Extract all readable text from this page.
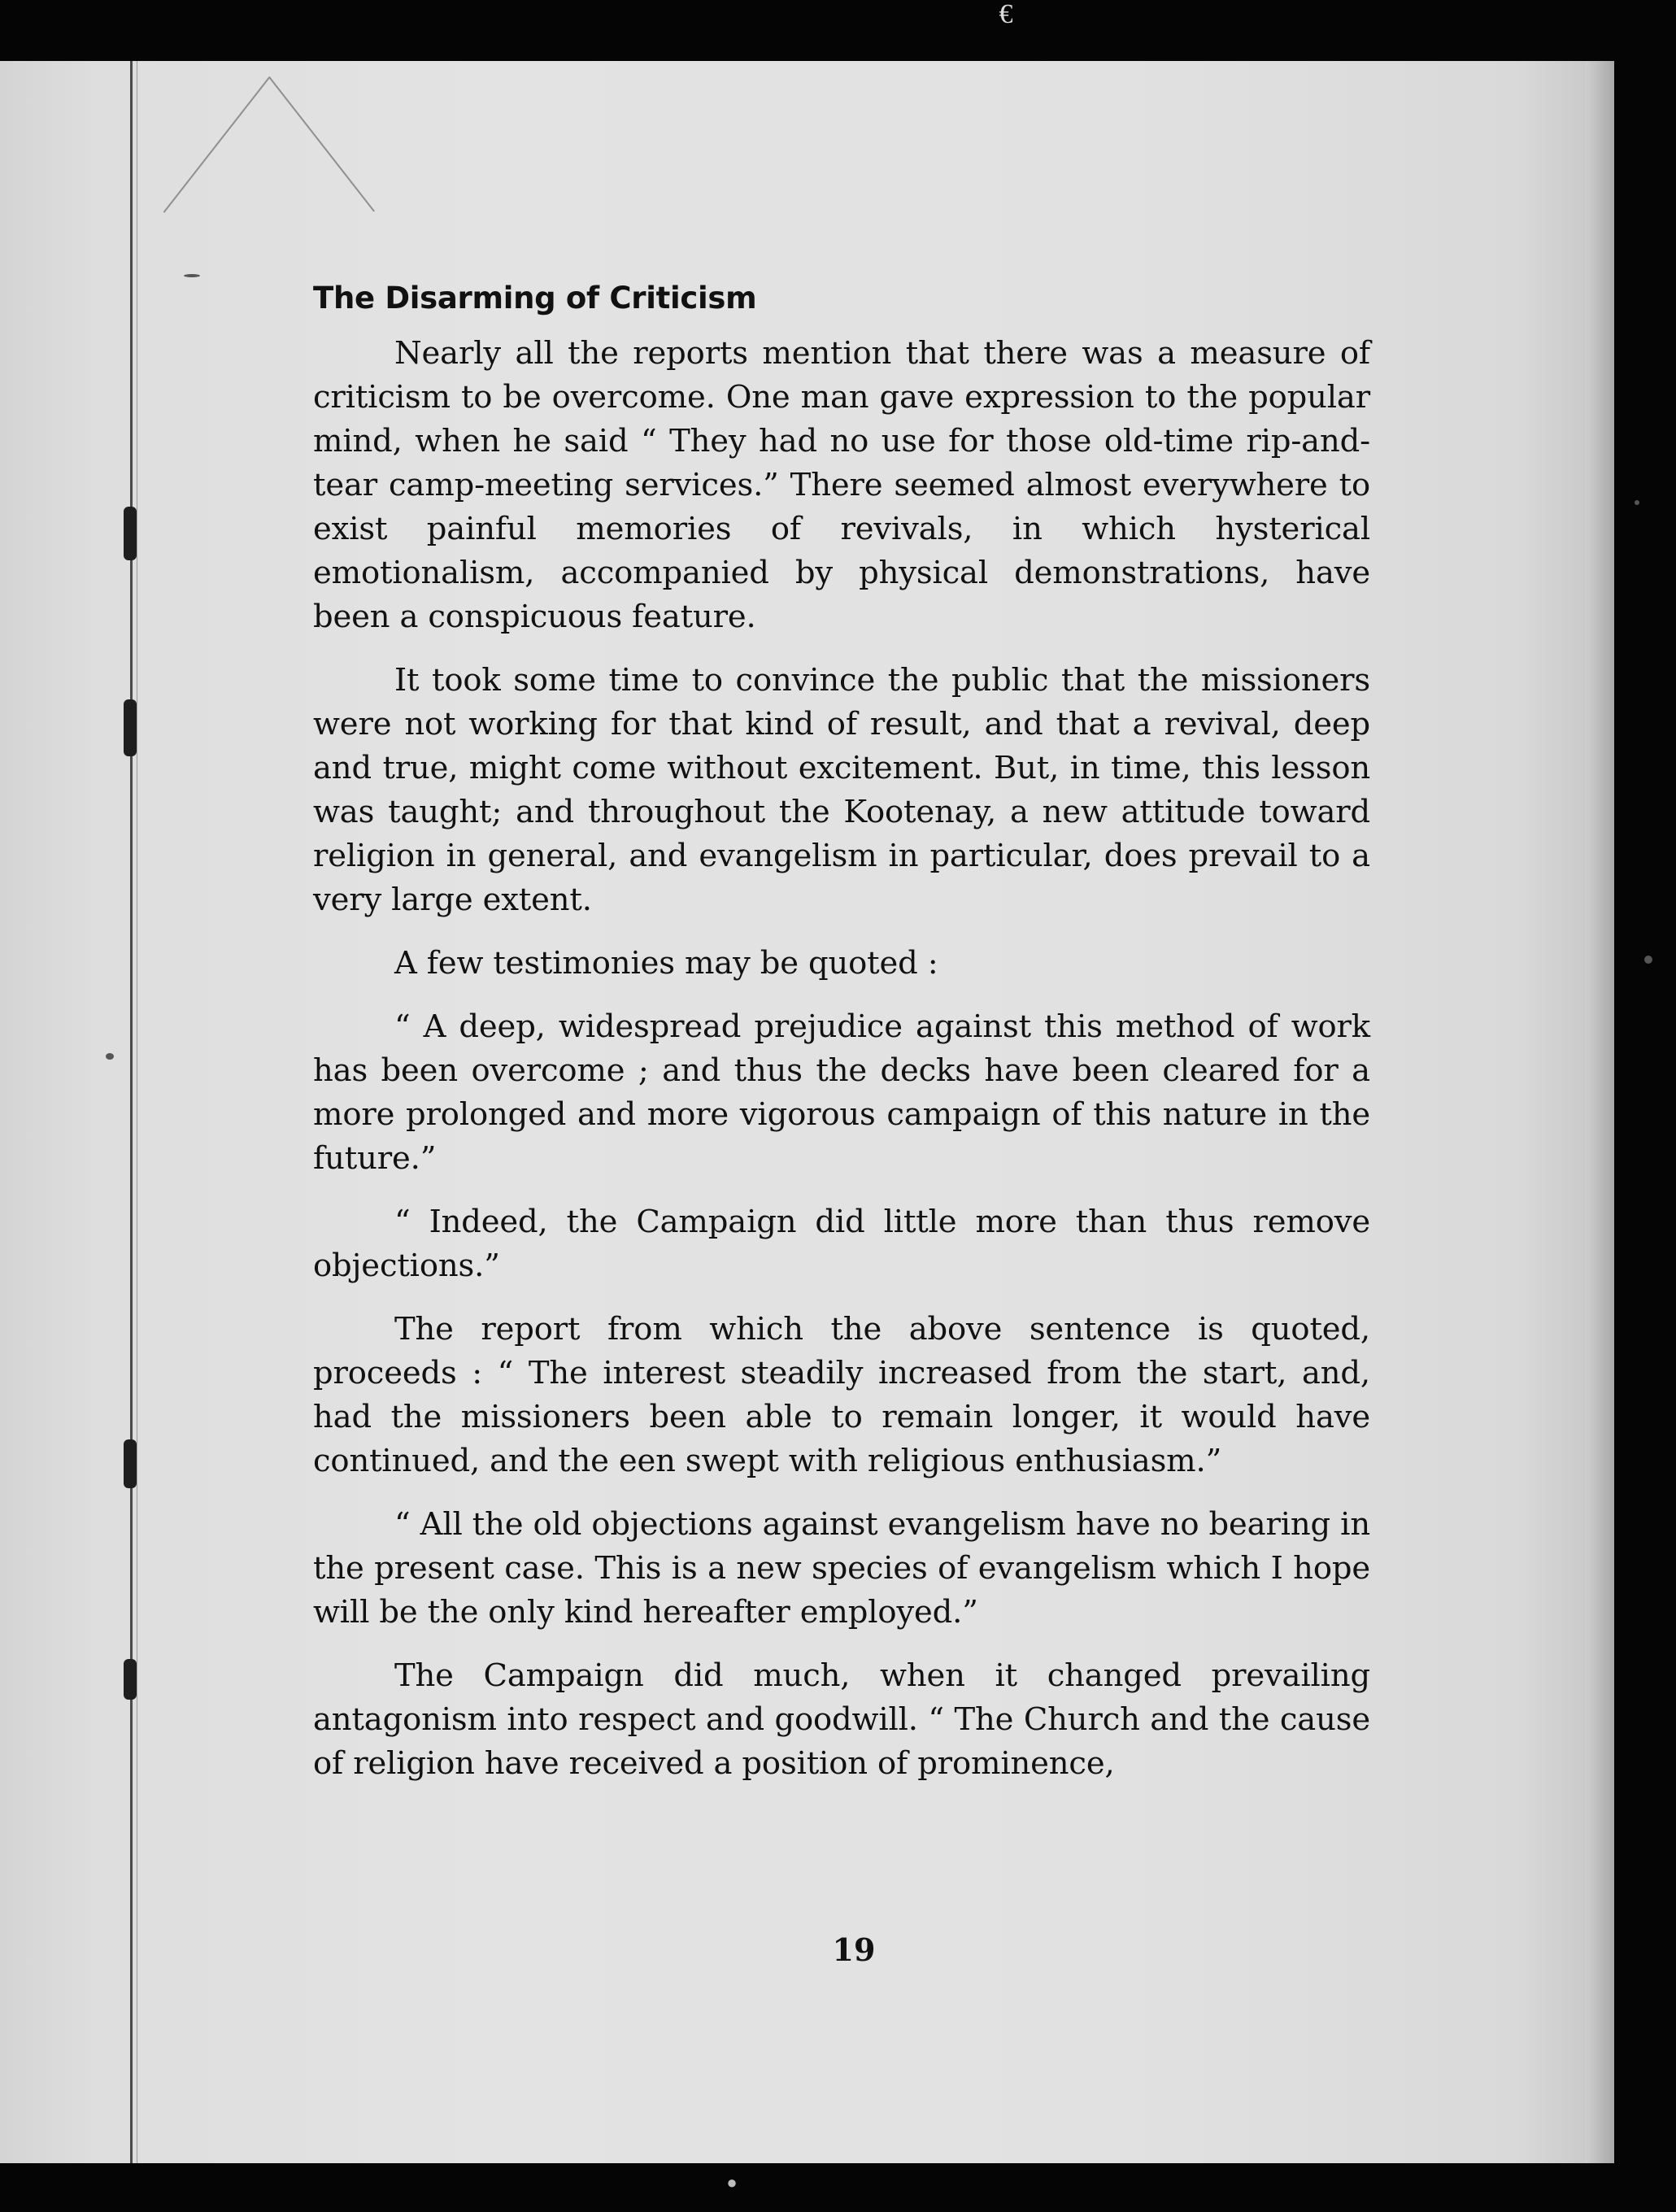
€
The Disarming of Criticism

Nearly all the reports mention that there was a measure of criticism to be overcome. One man gave expression to the popular mind, when he said “ They had no use for those old-time rip-and-tear camp-meeting services.” There seemed almost everywhere to exist painful memories of revivals, in which hysterical emotionalism, accompanied by physical demonstrations, have been a conspicuous feature.

It took some time to convince the public that the missioners were not working for that kind of result, and that a revival, deep and true, might come without excitement. But, in time, this lesson was taught; and throughout the Kootenay, a new attitude toward religion in general, and evangelism in particular, does prevail to a very large extent.

A few testimonies may be quoted :

“ A deep, widespread prejudice against this method of work has been overcome ; and thus the decks have been cleared for a more prolonged and more vigorous campaign of this nature in the future.”

“ Indeed, the Campaign did little more than thus remove objections.”

The report from which the above sentence is quoted, proceeds : “ The interest steadily increased from the start, and, had the missioners been able to remain longer, it would have continued, and the een swept with religious enthusiasm.”

“ All the old objections against evangelism have no bearing in the present case. This is a new species of evangelism which I hope will be the only kind hereafter employed.”

The Campaign did much, when it changed prevailing antagonism into respect and goodwill. “ The Church and the cause of religion have received a position of prominence,

19
●
